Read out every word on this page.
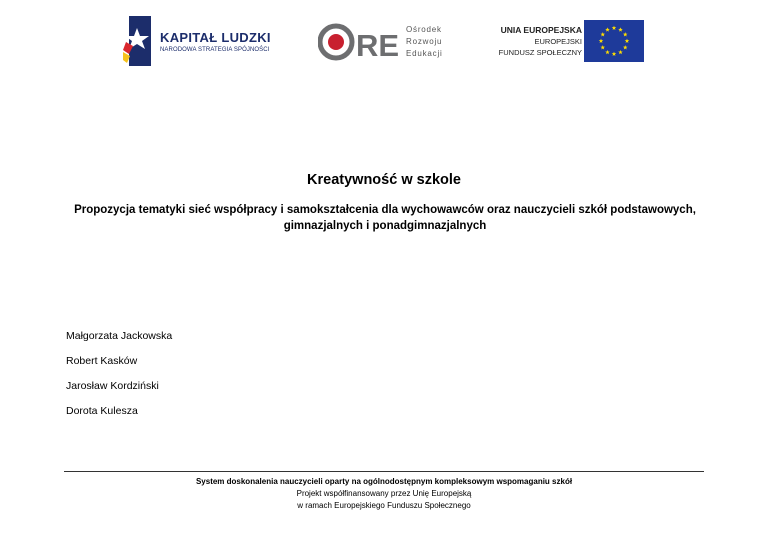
KAPITAŁ LUDZKI
NARODOWA STRATEGIA SPÓJNOŚCI	RE Ośrodek
Rozwoju
Edukacji
UNIA EUROPEJSKA
EUROPEJSKI
FUNDUSZ SPOŁECZNY
Kreatywność w szkole
Propozycja tematyki sieć współpracy i samokształcenia dla wychowawców oraz nauczycieli szkół podstawowych, gimnazjalnych i ponadgimnazjalnych
Małgorzata Jackowska
Robert Kasków
Jarosław Kordziński
Dorota Kulesza
System doskonalenia nauczycieli oparty na ogólnodostępnym kompleksowym wspomaganiu szkół
Projekt współfinansowany przez Unię Europejską
w ramach Europejskiego Funduszu Społecznego
